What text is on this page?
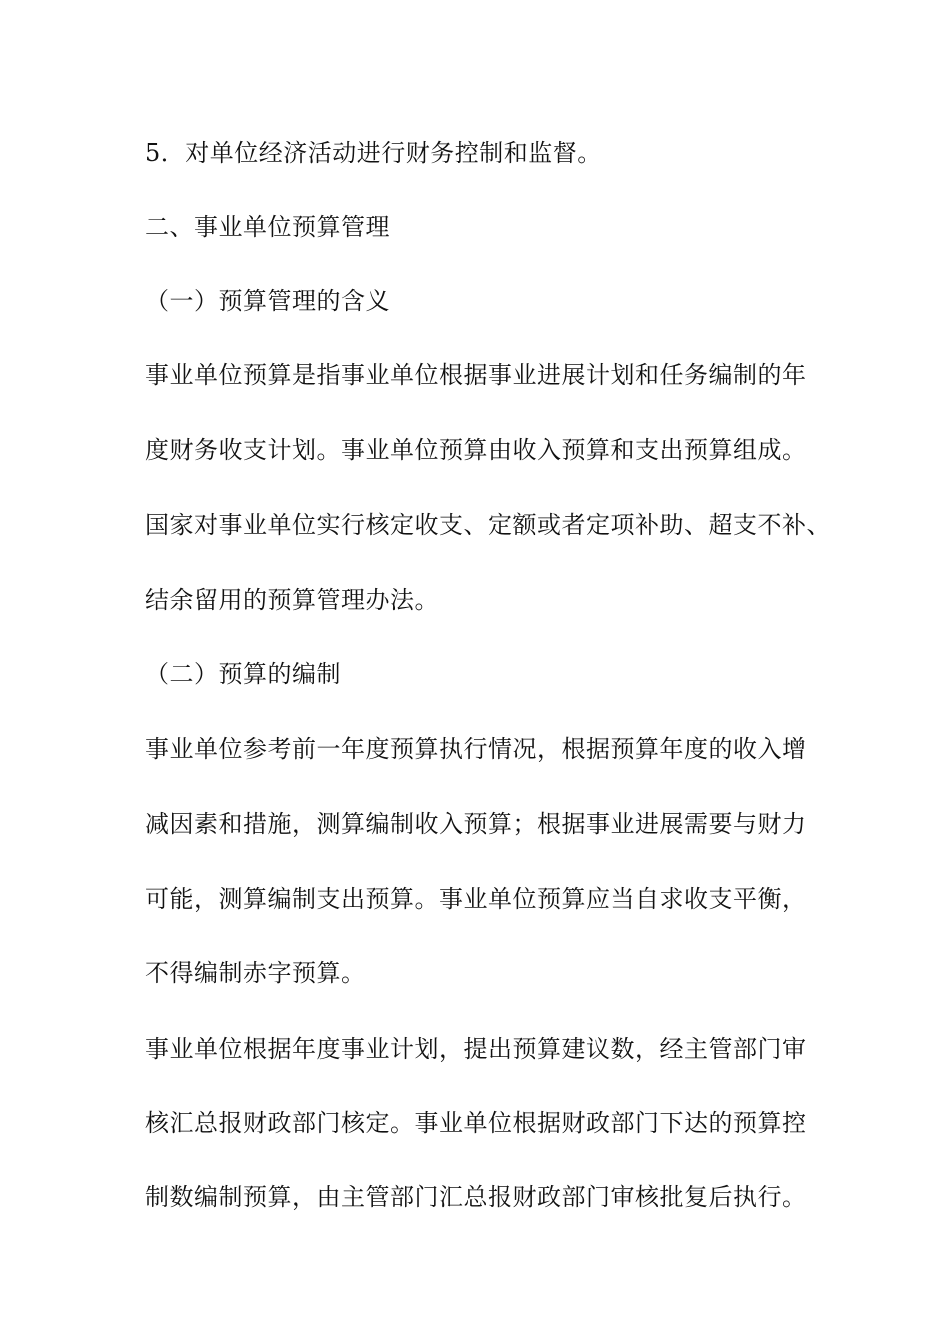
5．对单位经济活动进行财务控制和监督。
二、事业单位预算管理
（一）预算管理的含义
事业单位预算是指事业单位根据事业进展计划和任务编制的年
度财务收支计划。事业单位预算由收入预算和支出预算组成。
国家对事业单位实行核定收支、定额或者定项补助、超支不补、
结余留用的预算管理办法。
（二）预算的编制
事业单位参考前一年度预算执行情况，根据预算年度的收入增
减因素和措施，测算编制收入预算；根据事业进展需要与财力
可能，测算编制支出预算。事业单位预算应当自求收支平衡，
不得编制赤字预算。
事业单位根据年度事业计划，提出预算建议数，经主管部门审
核汇总报财政部门核定。事业单位根据财政部门下达的预算控
制数编制预算，由主管部门汇总报财政部门审核批复后执行。
